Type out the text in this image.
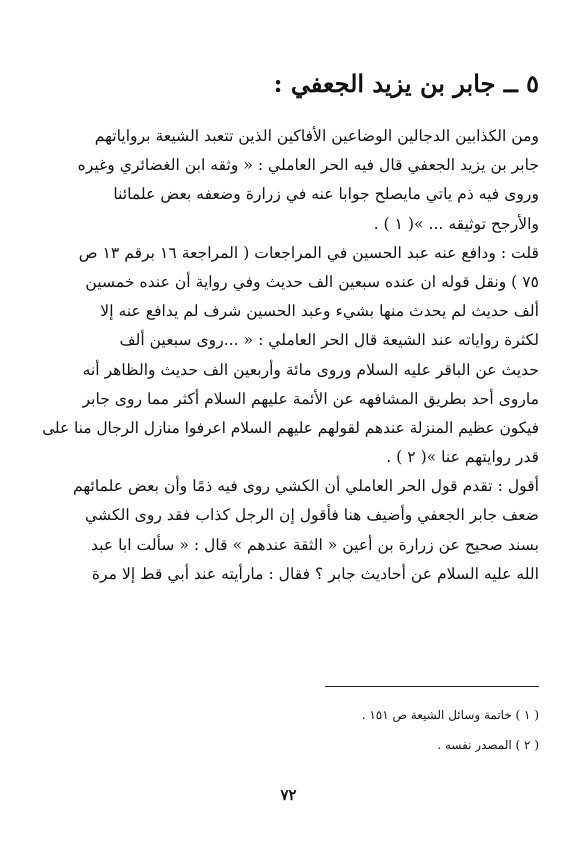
٥ ــ جابر بن يزيد الجعفي :
ومن الكذابين الدجالين الوضاعين الأفاكين الذين تتعبد الشيعة برواياتهم
جابر بن يزيد الجعفي قال فيه الحر العاملي : « وثقه ابن الغضائري وغيره
وروى فيه ذم ياتي مايصلح جوابا عنه في زرارة وضعفه بعض علمائنا
والأرجح توثيقه ... »( ١ ) .
قلت : ودافع عنه عبد الحسين في المراجعات ( المراجعة ١٦ برقم ١٣ ص
٧٥ ) ونقل قوله ان عنده سبعين الف حديث وفي رواية أن عنده خمسين
ألف حديث لم يحدث منها بشيء وعبد الحسين شرف لم يدافع عنه إلا
لكثرة رواياته عند الشيعة قال الحر العاملي : « ...روى سبعين ألف
حديث عن الباقر عليه السلام وروى مائة وأربعين الف حديث والظاهر أنه
ماروى أحد بطريق المشافهه عن الأئمة عليهم السلام أكثر مما روى جابر
فيكون عظيم المنزلة عندهم لقولهم عليهم السلام اعرفوا منازل الرجال منا على
قدر روايتهم عنا »( ٢ ) .
أقول : تقدم قول الحر العاملي أن الكشي روى فيه ذمًا وأن بعض علمائهم
ضعف جابر الجعفي وأضيف هنا فأقول إن الرجل كذاب فقد روى الكشي
بسند صحيح عن زرارة بن أعين « الثقة عندهم » قال : « سألت ابا عبد
الله عليه السلام عن أحاديث جابر ؟ فقال : مارأيته عند أبي قط إلا مرة
( ١ ) خاتمة وسائل الشيعة ص ١٥١ .
( ٢ ) المصدر نفسه .
٧٢
